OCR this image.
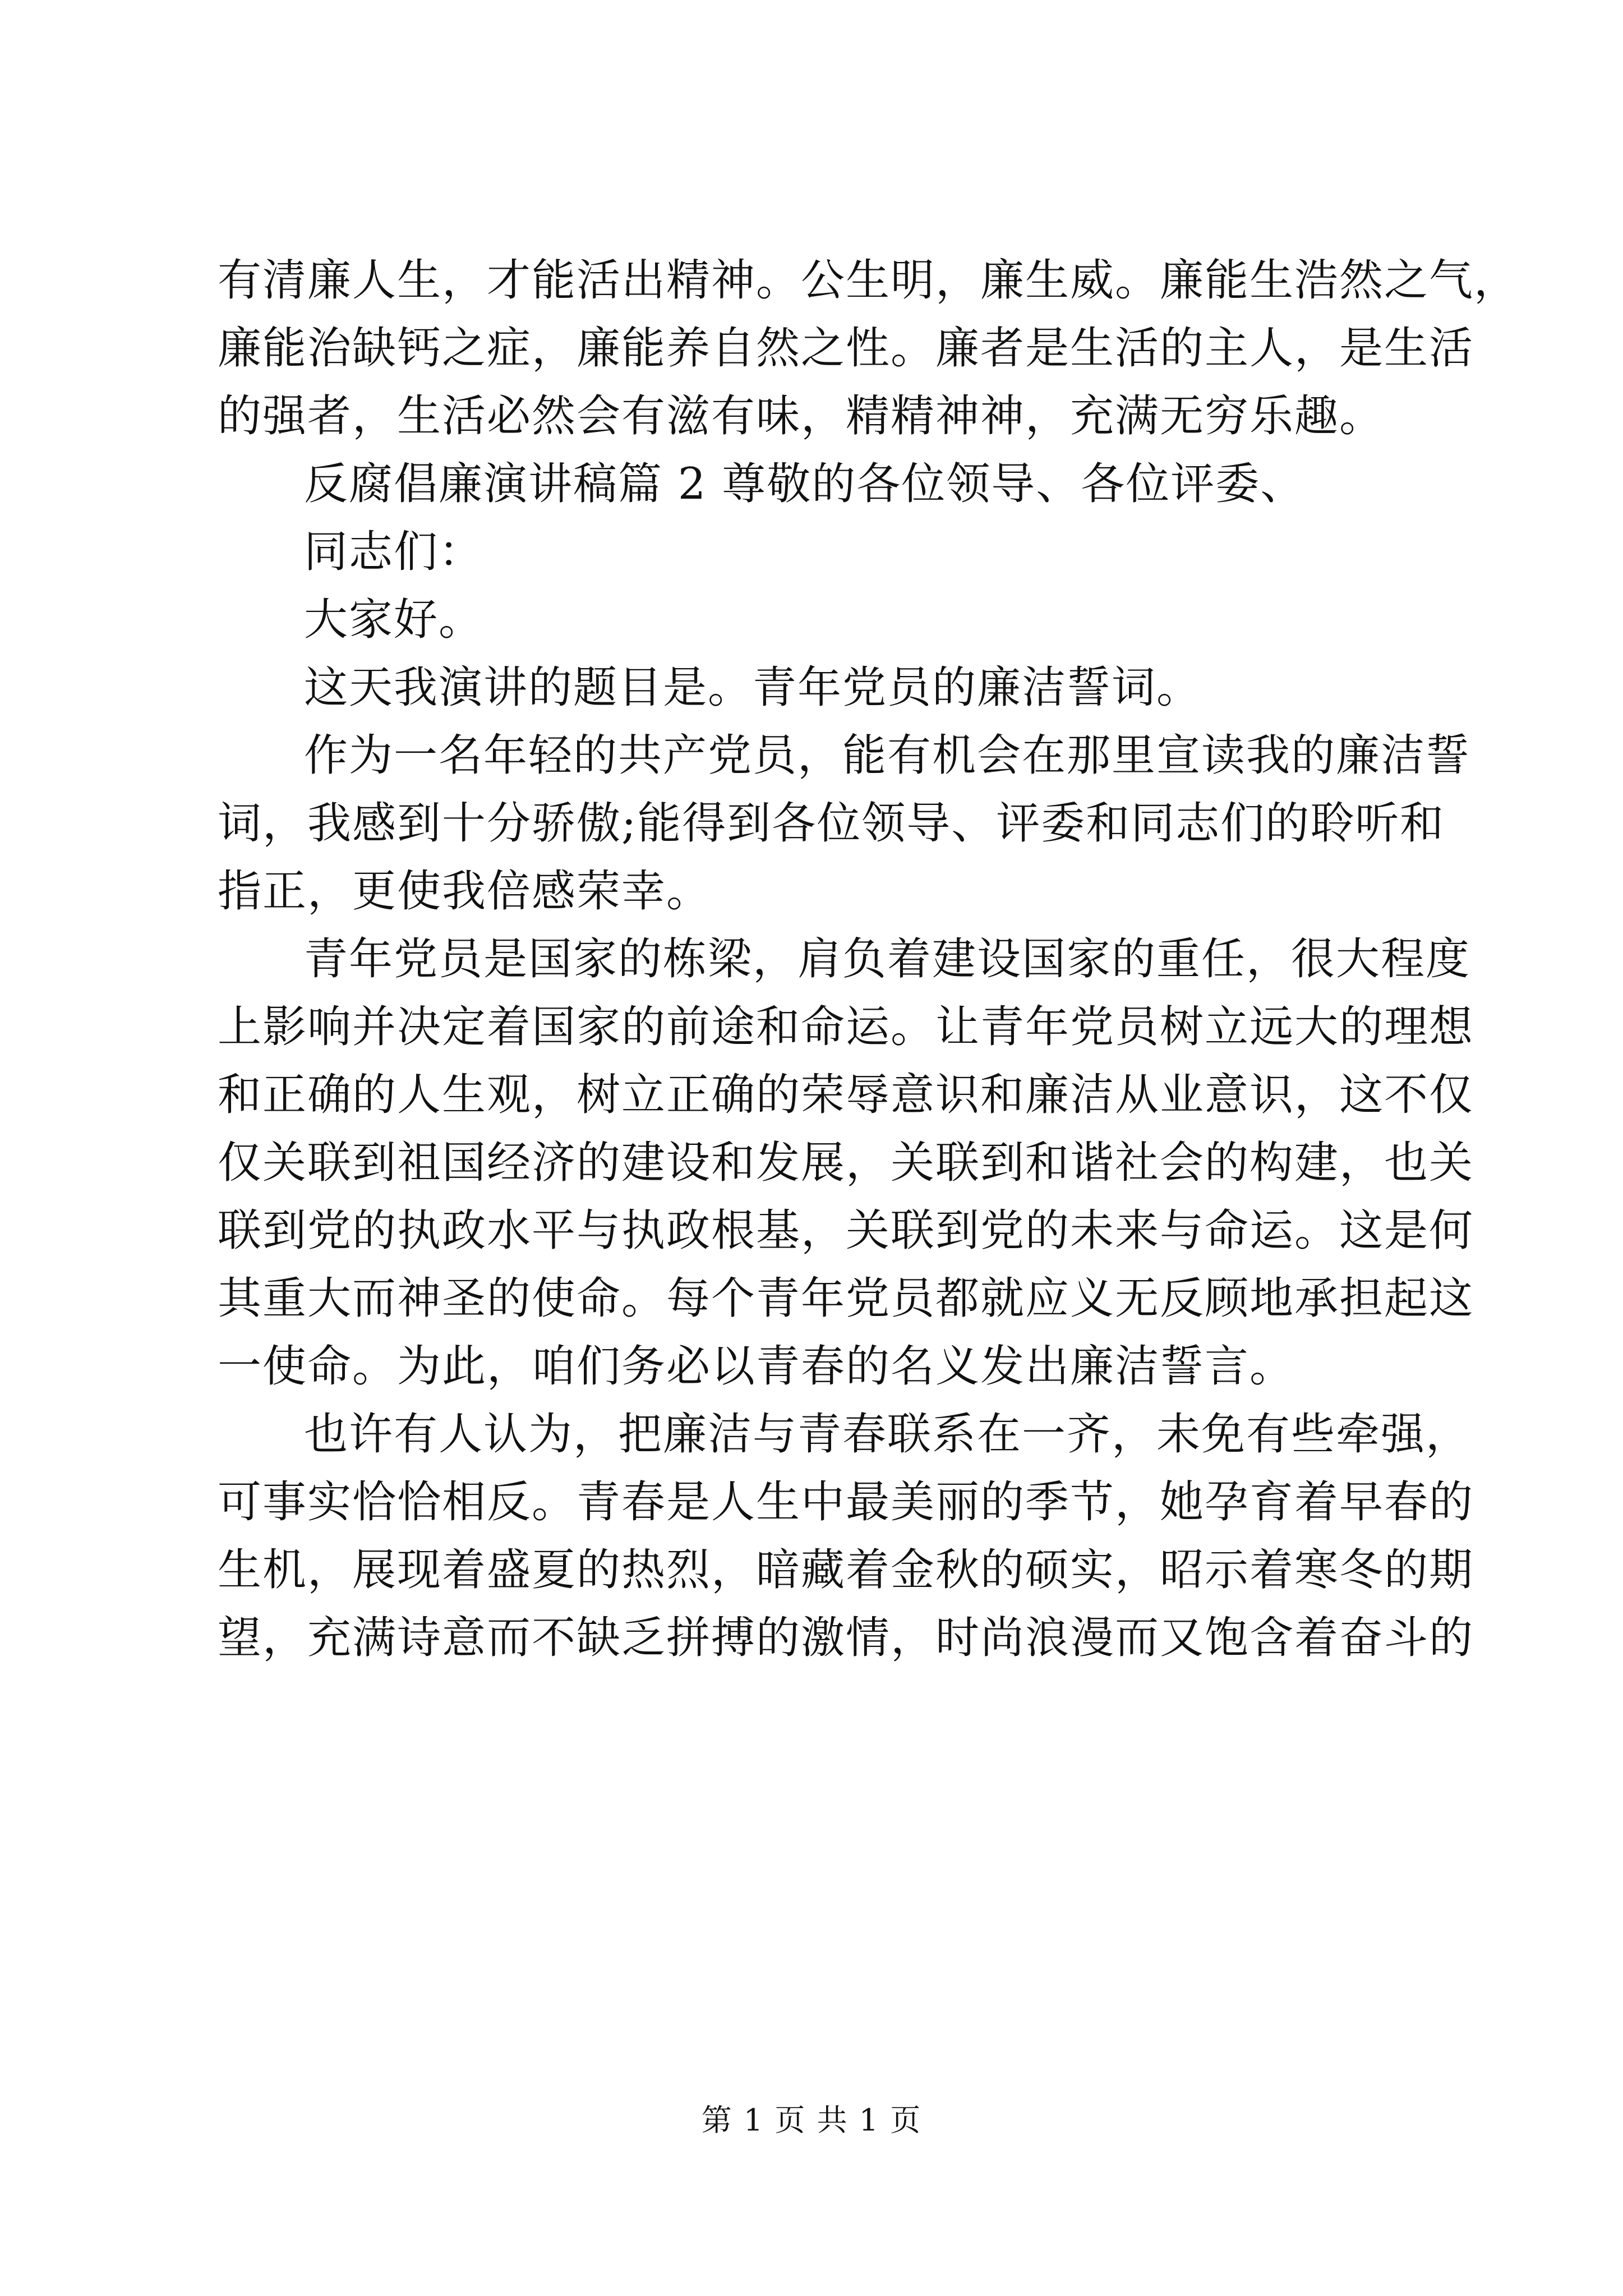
有清廉人生，才能活出精神。公生明，廉生威。廉能生浩然之气，
廉能治缺钙之症，廉能养自然之性。廉者是生活的主人，是生活
的强者，生活必然会有滋有味，精精神神，充满无穷乐趣。
反腐倡廉演讲稿篇 2 尊敬的各位领导、各位评委、
同志们：
大家好。
这天我演讲的题目是。青年党员的廉洁誓词。
作为一名年轻的共产党员，能有机会在那里宣读我的廉洁誓
词，我感到十分骄傲;能得到各位领导、评委和同志们的聆听和
指正，更使我倍感荣幸。
青年党员是国家的栋梁，肩负着建设国家的重任，很大程度
上影响并决定着国家的前途和命运。让青年党员树立远大的理想
和正确的人生观，树立正确的荣辱意识和廉洁从业意识，这不仅
仅关联到祖国经济的建设和发展，关联到和谐社会的构建，也关
联到党的执政水平与执政根基，关联到党的未来与命运。这是何
其重大而神圣的使命。每个青年党员都就应义无反顾地承担起这
一使命。为此，咱们务必以青春的名义发出廉洁誓言。
也许有人认为，把廉洁与青春联系在一齐，未免有些牵强，
可事实恰恰相反。青春是人生中最美丽的季节，她孕育着早春的
生机，展现着盛夏的热烈，暗藏着金秋的硕实，昭示着寒冬的期
望，充满诗意而不缺乏拼搏的激情，时尚浪漫而又饱含着奋斗的
第 1 页 共 1 页
